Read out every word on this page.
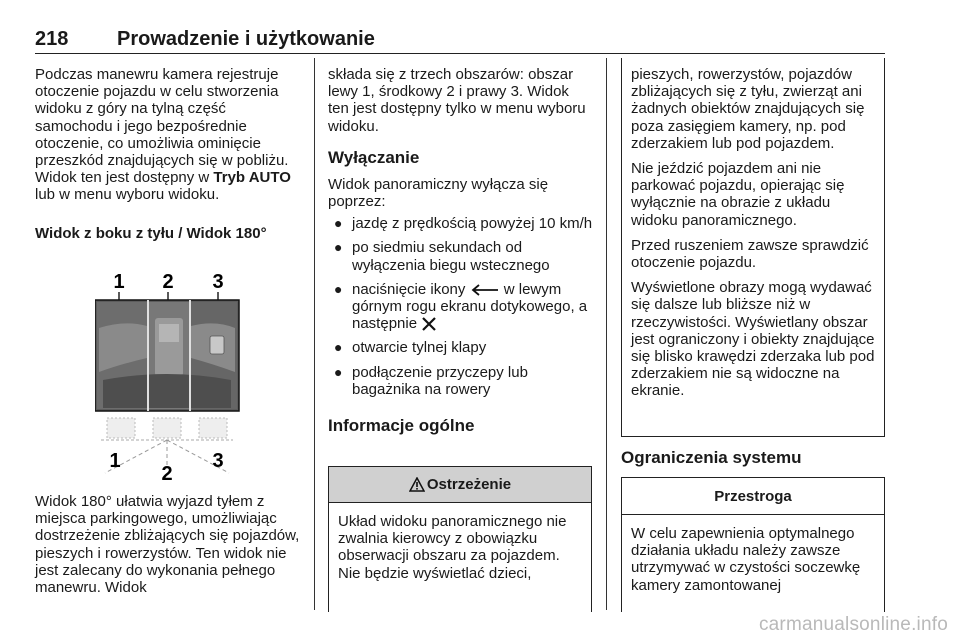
218 Prowadzenie i użytkowanie

Podczas manewru kamera rejestruje otoczenie pojazdu w celu stworzenia widoku z góry na tylną część samochodu i jego bezpośrednie otoczenie, co umożliwia ominięcie przeszkód znajdujących się w pobliżu. Widok ten jest dostępny w Tryb AUTO lub w menu wyboru widoku.

Widok z boku z tyłu / Widok 180°

1 2 3
1
2
3

Widok 180° ułatwia wyjazd tyłem z miejsca parkingowego, umożliwiając dostrzeżenie zbliżających się pojazdów, pieszych i rowerzystów. Ten widok nie jest zalecany do wykonania pełnego manewru. Widok

składa się z trzech obszarów: obszar lewy 1, środkowy 2 i prawy 3. Widok ten jest dostępny tylko w menu wyboru widoku.

Wyłączanie

Widok panoramiczny wyłącza się poprzez:

● jazdę z prędkością powyżej 10 km/h
● po siedmiu sekundach od wyłączenia biegu wstecznego
● naciśnięcie ikony  w lewym górnym rogu ekranu dotykowego, a następnie
● otwarcie tylnej klapy
● podłączenie przyczepy lub bagażnika na rowery

Informacje ogólne

Ostrzeżenie

Układ widoku panoramicznego nie zwalnia kierowcy z obowiązku obserwacji obszaru za pojazdem. Nie będzie wyświetlać dzieci,

pieszych, rowerzystów, pojazdów zbliżających się z tyłu, zwierząt ani żadnych obiektów znajdujących się poza zasięgiem kamery, np. pod zderzakiem lub pod pojazdem.

Nie jeździć pojazdem ani nie parkować pojazdu, opierając się wyłącznie na obrazie z układu widoku panoramicznego.

Przed ruszeniem zawsze sprawdzić otoczenie pojazdu.

Wyświetlone obrazy mogą wydawać się dalsze lub bliższe niż w rzeczywistości. Wyświetlany obszar jest ograniczony i obiekty znajdujące się blisko krawędzi zderzaka lub pod zderzakiem nie są widoczne na ekranie.

Ograniczenia systemu

Przestroga

W celu zapewnienia optymalnego działania układu należy zawsze utrzymywać w czystości soczewkę kamery zamontowanej

carmanualsonline.info
